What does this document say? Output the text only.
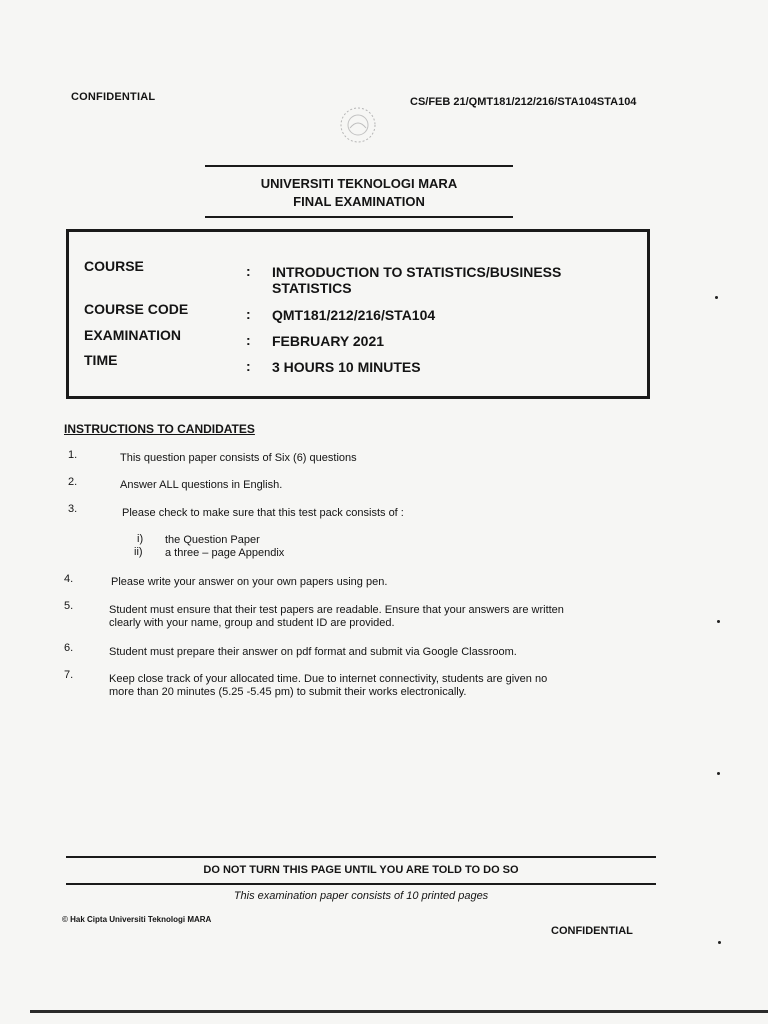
CONFIDENTIAL	CS/FEB 21/QMT181/212/216/STA104STA104
UNIVERSITI TEKNOLOGI MARA
FINAL EXAMINATION
COURSE	: INTRODUCTION TO STATISTICS/BUSINESS
STATISTICS
COURSE CODE	: QMT181/212/216/STA104
EXAMINATION	: FEBRUARY 2021
TIME	: 3 HOURS 10 MINUTES
INSTRUCTIONS TO CANDIDATES
1.	This question paper consists of Six (6) questions
2.	Answer ALL questions in English.
3.	Please check to make sure that this test pack consists of :
i) the Question Paper
ii) a three – page Appendix
4.	Please write your answer on your own papers using pen.
5.	Student must ensure that their test papers are readable. Ensure that your answers are written
clearly with your name, group and student ID are provided.
6.	Student must prepare their answer on pdf format and submit via Google Classroom.
7.	Keep close track of your allocated time. Due to internet connectivity, students are given no
more than 20 minutes (5.25 -5.45 pm) to submit their works electronically.
DO NOT TURN THIS PAGE UNTIL YOU ARE TOLD TO DO SO
This examination paper consists of 10 printed pages
© Hak Cipta Universiti Teknologi MARA
CONFIDENTIAL
